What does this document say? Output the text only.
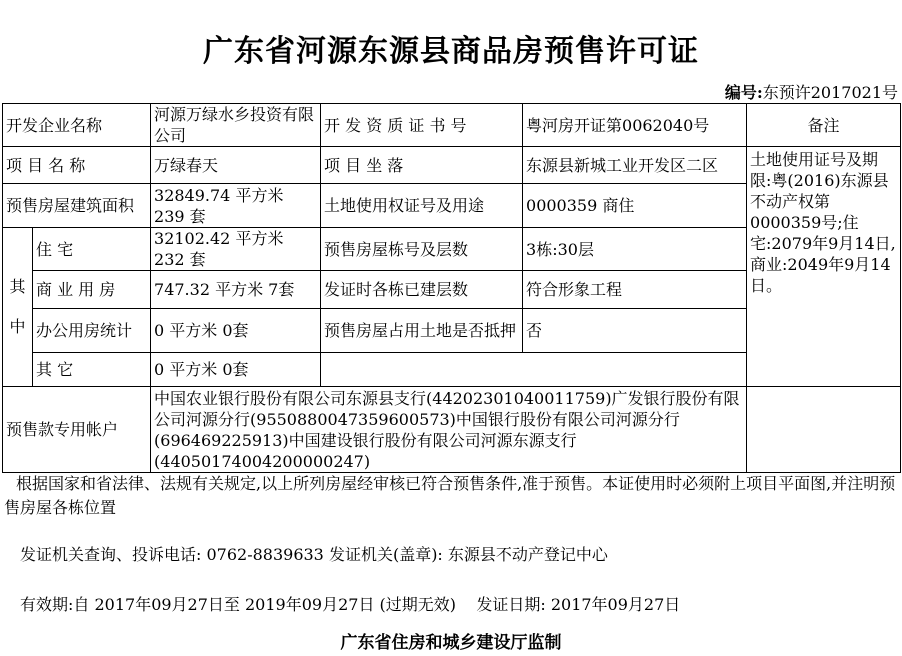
广东省河源东源县商品房预售许可证
编号:东预许2017021号
开发企业名称		河源万绿水乡投资有限公司	开 发 资 质 证 书 号	粤河房开证第0062040号	备注
项 目 名 称		万绿春天	项 目 坐 落	东源县新城工业开发区二区	土地使用证号及期限:粤(2016)东源县不动产权第0000359号;住宅:2079年9月14日,商业:2049年9月14日。
预售房屋建筑面积		32849.74 平方米 239 套	土地使用权证号及用途	0000359 商住	
其
中	住 宅	32102.42 平方米 232 套	预售房屋栋号及层数	3栋:30层	
	商 业 用 房	747.32 平方米 7套	发证时各栋已建层数	符合形象工程	
	办公用房统计	0 平方米 0套	预售房屋占用土地是否抵押	否	
	其 它	0 平方米 0套			
预售款专用帐户		中国农业银行股份有限公司东源县支行(44202301040011759)广发银行股份有限公司河源分行(9550880047359600573)中国银行股份有限公司河源分行(696469225913)中国建设银行股份有限公司河源东源支行(44050174004200000247)			
根据国家和省法律、法规有关规定,以上所列房屋经审核已符合预售条件,准于预售。本证使用时必须附上项目平面图,并注明预售房屋各栋位置
发证机关查询、投诉电话: 0762-8839633 发证机关(盖章): 东源县不动产登记中心
有效期:自 2017年09月27日至 2019年09月27日 (过期无效)    发证日期: 2017年09月27日
广东省住房和城乡建设厅监制
